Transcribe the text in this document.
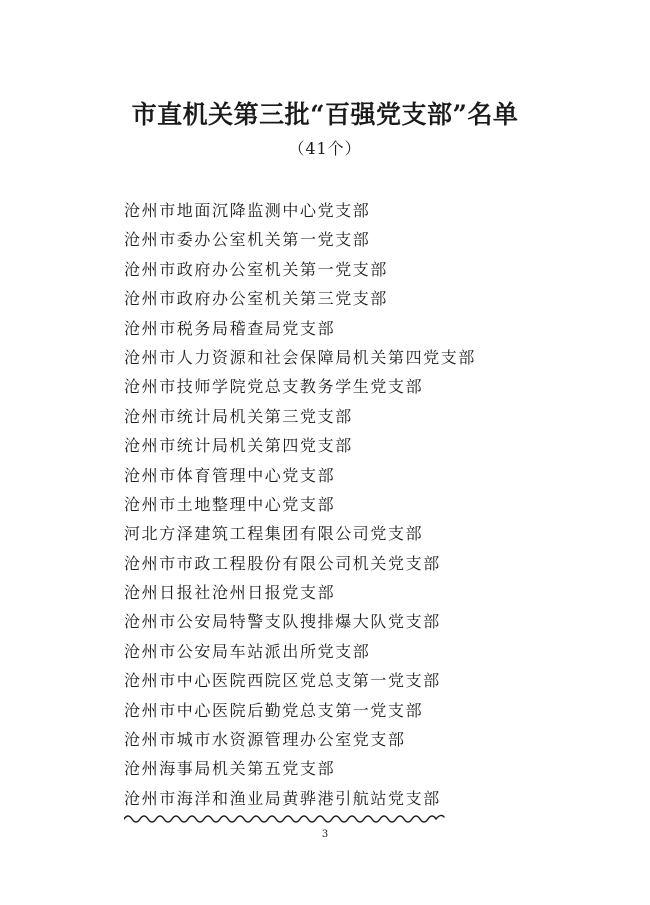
市直机关第三批“百强党支部”名单
（41个）
沧州市地面沉降监测中心党支部
沧州市委办公室机关第一党支部
沧州市政府办公室机关第一党支部
沧州市政府办公室机关第三党支部
沧州市税务局稽查局党支部
沧州市人力资源和社会保障局机关第四党支部
沧州市技师学院党总支教务学生党支部
沧州市统计局机关第三党支部
沧州市统计局机关第四党支部
沧州市体育管理中心党支部
沧州市土地整理中心党支部
河北方泽建筑工程集团有限公司党支部
沧州市市政工程股份有限公司机关党支部
沧州日报社沧州日报党支部
沧州市公安局特警支队搜排爆大队党支部
沧州市公安局车站派出所党支部
沧州市中心医院西院区党总支第一党支部
沧州市中心医院后勤党总支第一党支部
沧州市城市水资源管理办公室党支部
沧州海事局机关第五党支部
沧州市海洋和渔业局黄骅港引航站党支部
3
